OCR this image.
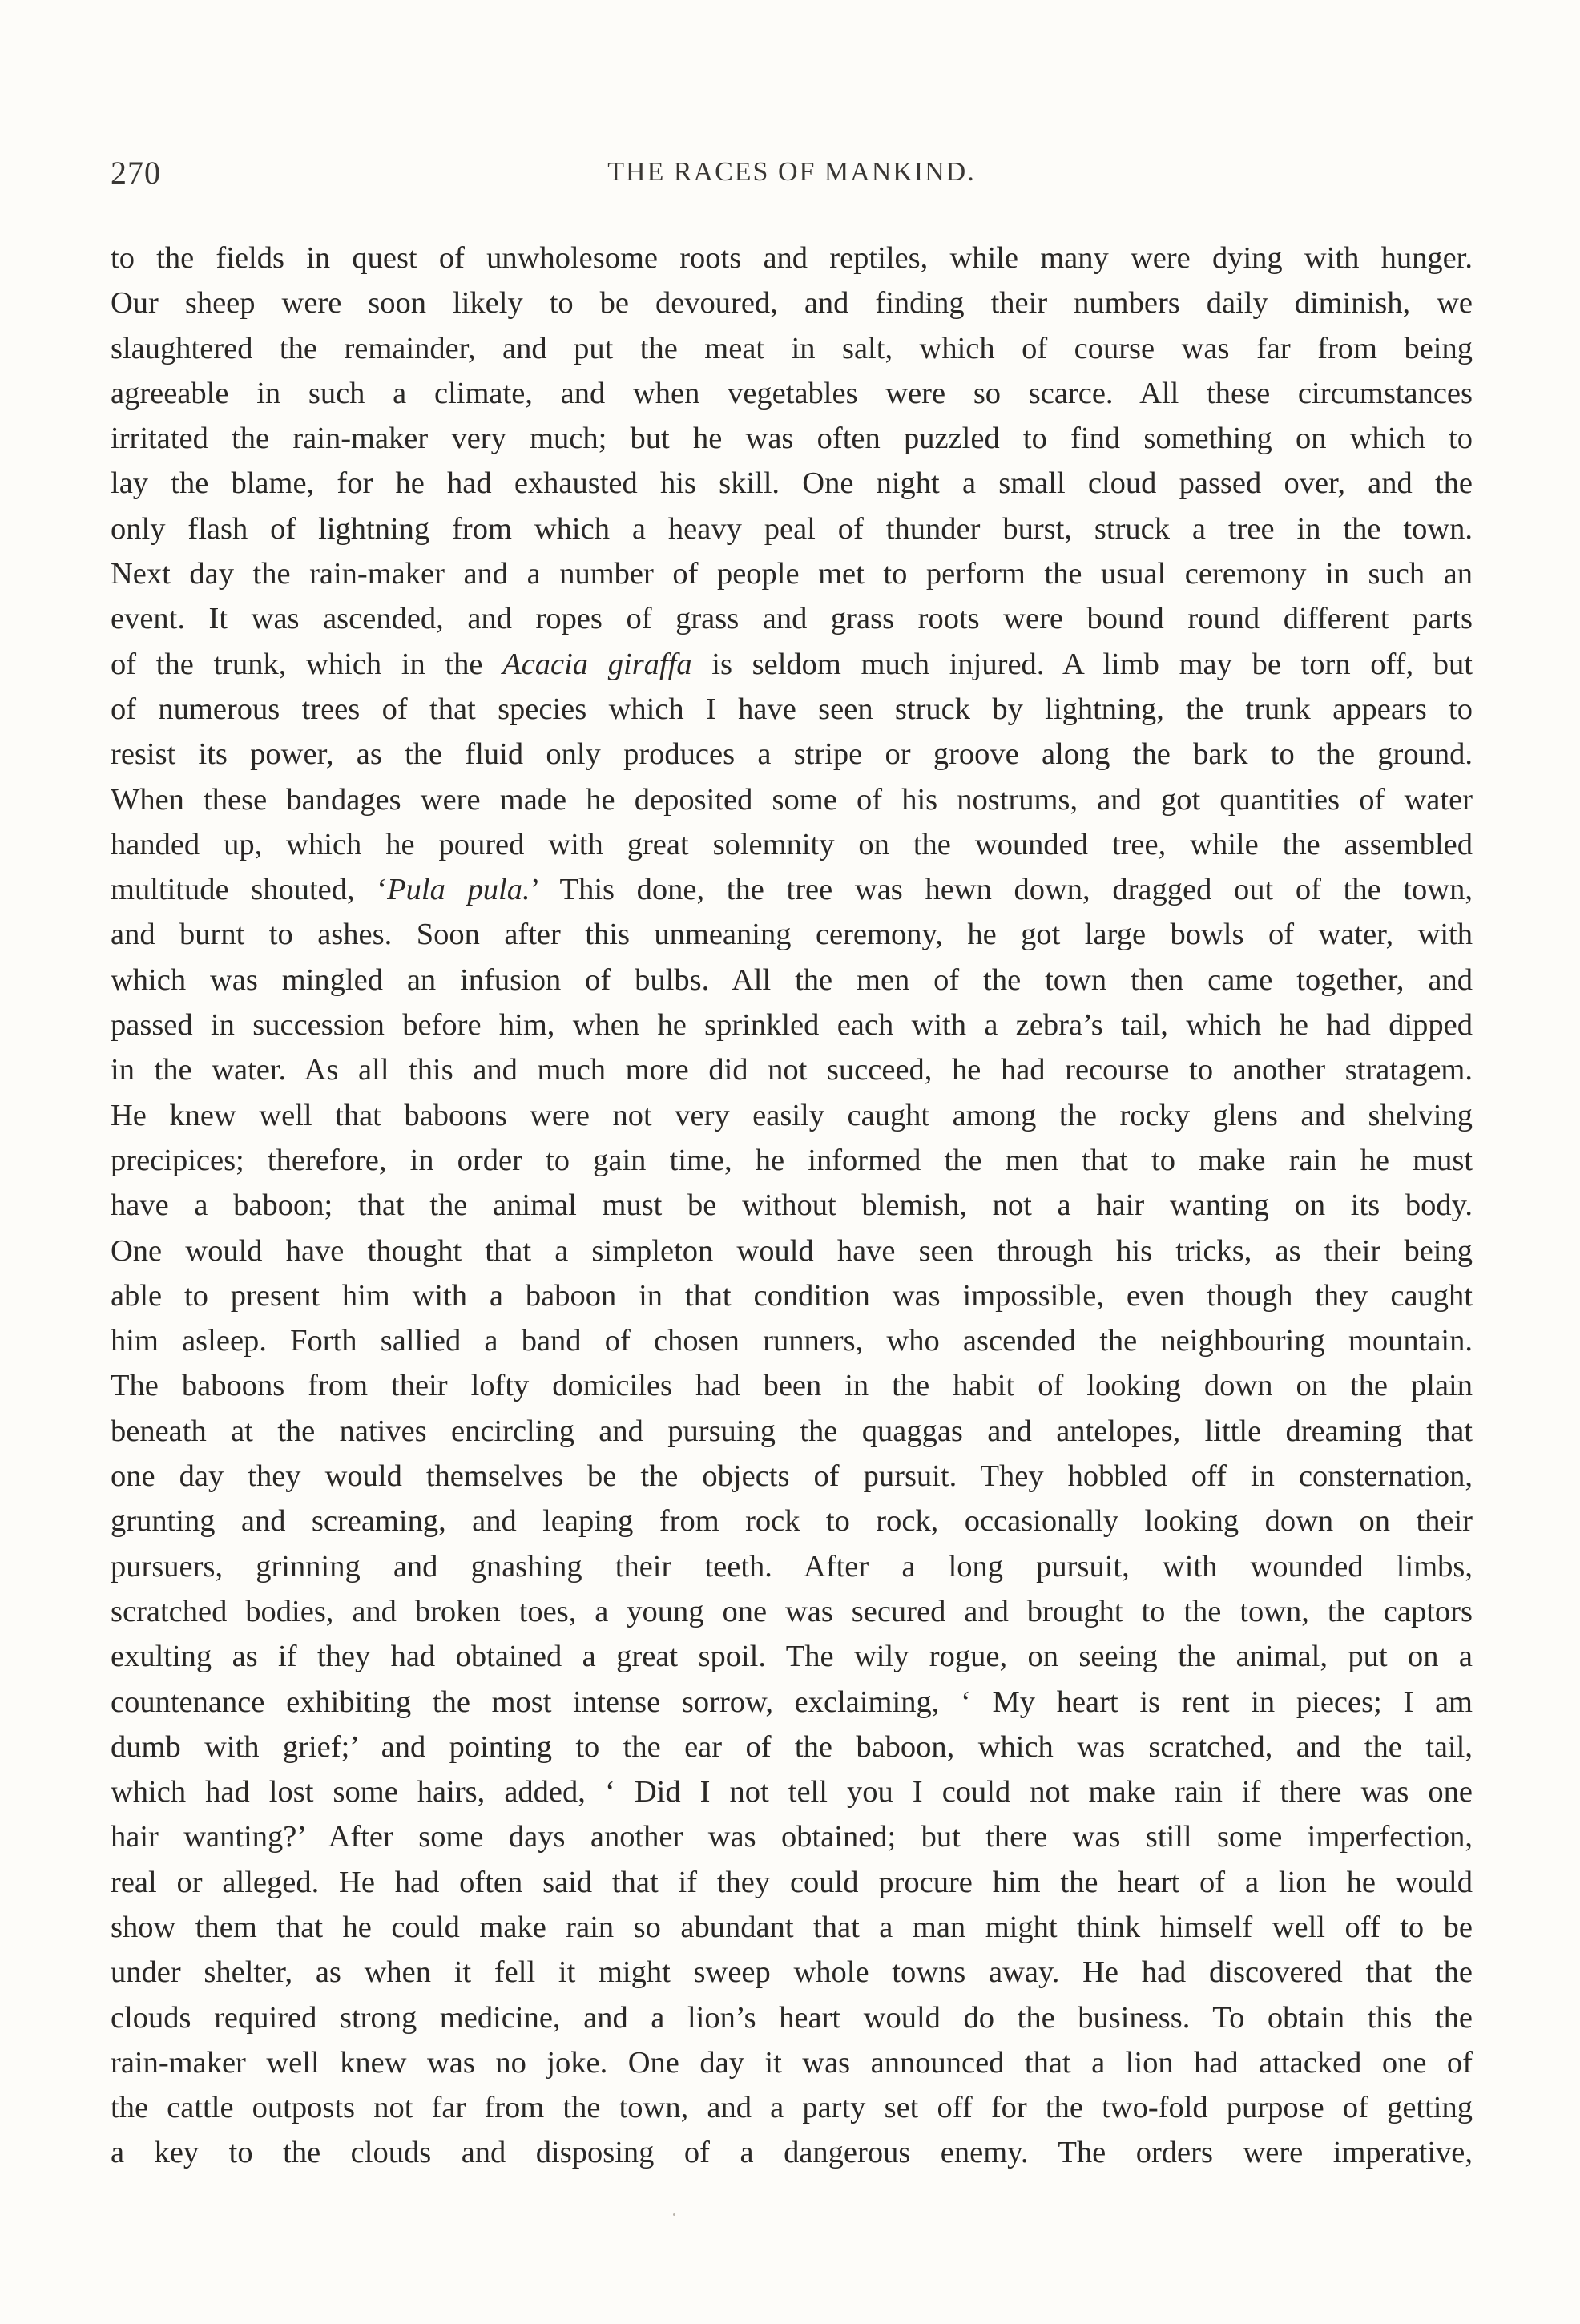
270	THE RACES OF MANKIND.
to the fields in quest of unwholesome roots and reptiles, while many were dying with hunger.
Our sheep were soon likely to be devoured, and finding their numbers daily diminish, we
slaughtered the remainder, and put the meat in salt, which of course was far from being
agreeable in such a climate, and when vegetables were so scarce. All these circumstances
irritated the rain-maker very much; but he was often puzzled to find something on which to
lay the blame, for he had exhausted his skill. One night a small cloud passed over, and the
only flash of lightning from which a heavy peal of thunder burst, struck a tree in the town.
Next day the rain-maker and a number of people met to perform the usual ceremony in such an
event. It was ascended, and ropes of grass and grass roots were bound round different parts
of the trunk, which in the Acacia giraffa is seldom much injured. A limb may be torn off, but
of numerous trees of that species which I have seen struck by lightning, the trunk appears to
resist its power, as the fluid only produces a stripe or groove along the bark to the ground.
When these bandages were made he deposited some of his nostrums, and got quantities of water
handed up, which he poured with great solemnity on the wounded tree, while the assembled
multitude shouted, ‘Pula pula.’ This done, the tree was hewn down, dragged out of the town,
and burnt to ashes. Soon after this unmeaning ceremony, he got large bowls of water, with
which was mingled an infusion of bulbs. All the men of the town then came together, and
passed in succession before him, when he sprinkled each with a zebra’s tail, which he had dipped
in the water. As all this and much more did not succeed, he had recourse to another stratagem.
He knew well that baboons were not very easily caught among the rocky glens and shelving
precipices; therefore, in order to gain time, he informed the men that to make rain he must
have a baboon; that the animal must be without blemish, not a hair wanting on its body.
One would have thought that a simpleton would have seen through his tricks, as their being
able to present him with a baboon in that condition was impossible, even though they caught
him asleep. Forth sallied a band of chosen runners, who ascended the neighbouring mountain.
The baboons from their lofty domiciles had been in the habit of looking down on the plain
beneath at the natives encircling and pursuing the quaggas and antelopes, little dreaming that
one day they would themselves be the objects of pursuit. They hobbled off in consternation,
grunting and screaming, and leaping from rock to rock, occasionally looking down on their
pursuers, grinning and gnashing their teeth. After a long pursuit, with wounded limbs,
scratched bodies, and broken toes, a young one was secured and brought to the town, the captors
exulting as if they had obtained a great spoil. The wily rogue, on seeing the animal, put on a
countenance exhibiting the most intense sorrow, exclaiming, ‘ My heart is rent in pieces; I am
dumb with grief;’ and pointing to the ear of the baboon, which was scratched, and the tail,
which had lost some hairs, added, ‘ Did I not tell you I could not make rain if there was one
hair wanting?’ After some days another was obtained; but there was still some imperfection,
real or alleged. He had often said that if they could procure him the heart of a lion he would
show them that he could make rain so abundant that a man might think himself well off to be
under shelter, as when it fell it might sweep whole towns away. He had discovered that the
clouds required strong medicine, and a lion’s heart would do the business. To obtain this the
rain-maker well knew was no joke. One day it was announced that a lion had attacked one of
the cattle outposts not far from the town, and a party set off for the two-fold purpose of getting
a key to the clouds and disposing of a dangerous enemy. The orders were imperative,
